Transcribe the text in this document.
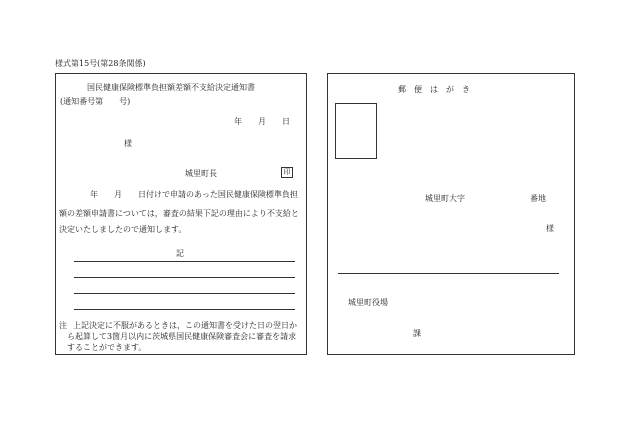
様式第15号(第28条関係)
国民健康保険標準負担額差額不支給決定通知書
(通知番号第　　号)
年　　月　　日
様
城里町長	印
年　　月　　日付けで申請のあった国民健康保険標準負担
額の差額申請書については，審査の結果下記の理由により不支給と
決定いたしましたので通知します。
記
注 上記決定に不服があるときは，この通知書を受けた日の翌日か
ら起算して3箇月以内に茨城県国民健康保険審査会に審査を請求
することができます。
郵　便　は　が　き
城里町大字	番地
様
城里町役場
課
